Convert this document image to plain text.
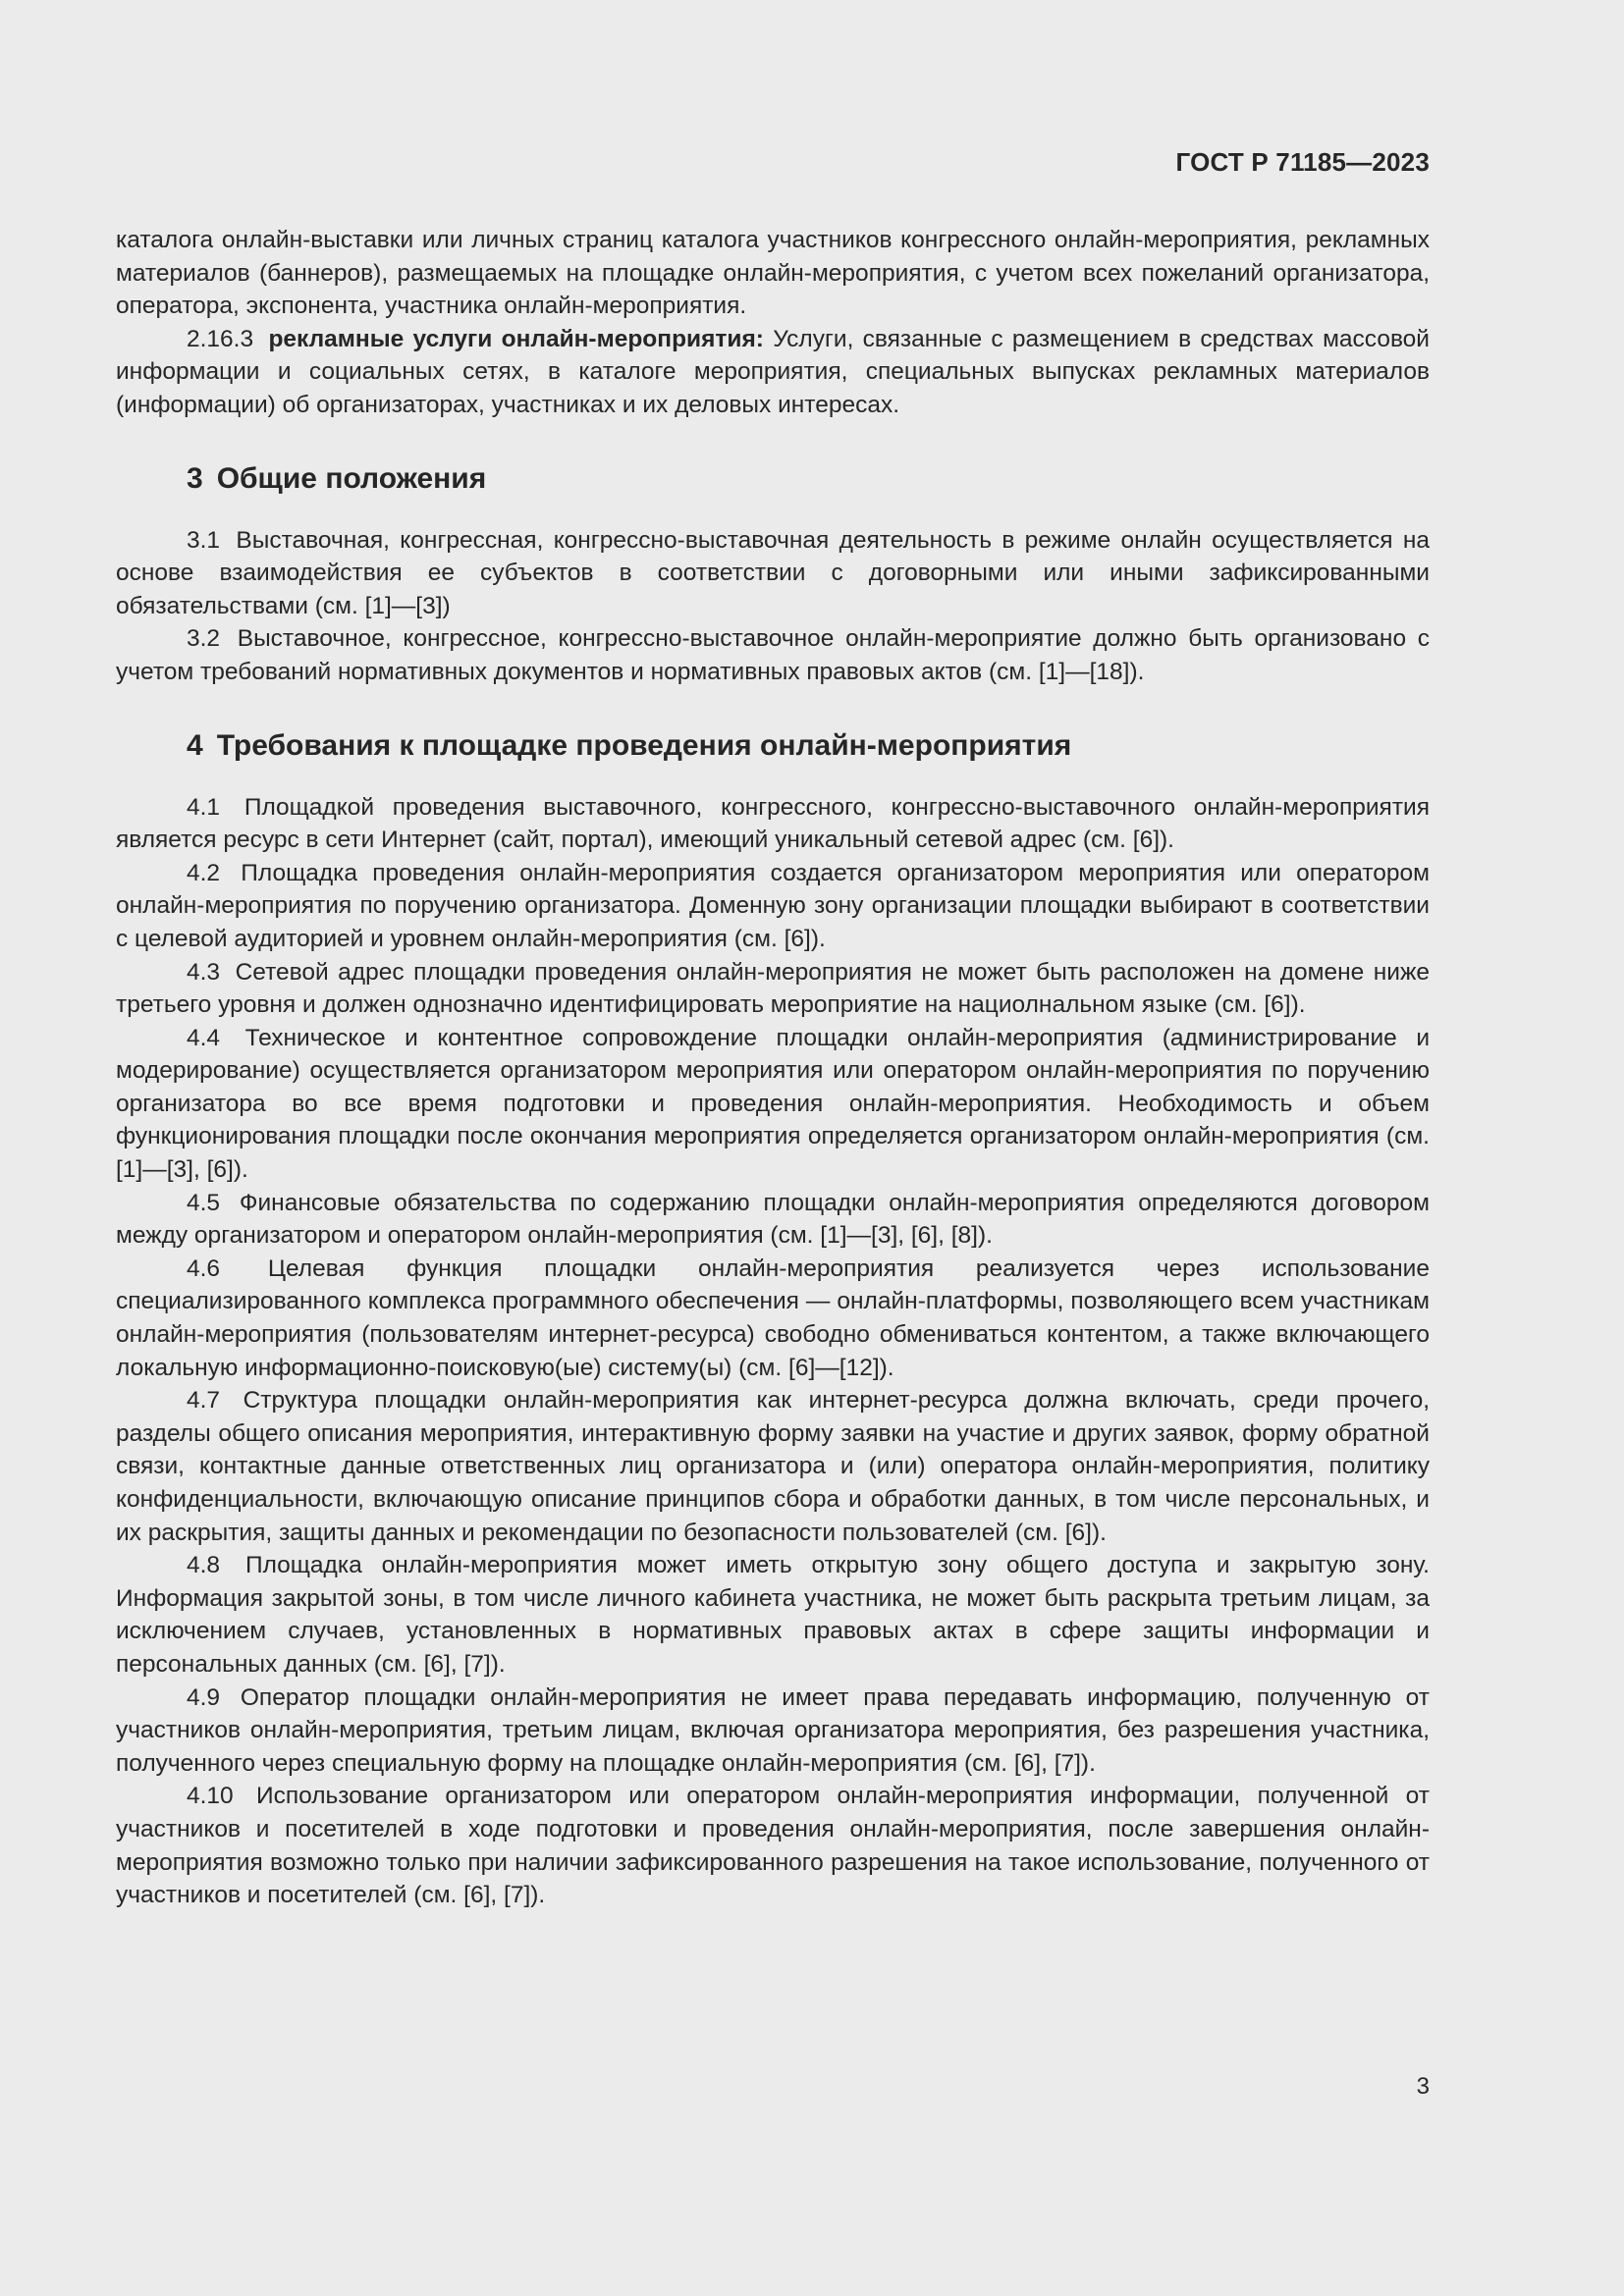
ГОСТ Р 71185—2023

каталога онлайн-выставки или личных страниц каталога участников конгрессного онлайн-мероприятия, рекламных материалов (баннеров), размещаемых на площадке онлайн-мероприятия, с учетом всех пожеланий организатора, оператора, экспонента, участника онлайн-мероприятия.

2.16.3 рекламные услуги онлайн-мероприятия: Услуги, связанные с размещением в средствах массовой информации и социальных сетях, в каталоге мероприятия, специальных выпусках рекламных материалов (информации) об организаторах, участниках и их деловых интересах.

3 Общие положения

3.1 Выставочная, конгрессная, конгрессно-выставочная деятельность в режиме онлайн осуществляется на основе взаимодействия ее субъектов в соответствии с договорными или иными зафиксированными обязательствами (см. [1]—[3])

3.2 Выставочное, конгрессное, конгрессно-выставочное онлайн-мероприятие должно быть организовано с учетом требований нормативных документов и нормативных правовых актов (см. [1]—[18]).

4 Требования к площадке проведения онлайн-мероприятия

4.1 Площадкой проведения выставочного, конгрессного, конгрессно-выставочного онлайн-мероприятия является ресурс в сети Интернет (сайт, портал), имеющий уникальный сетевой адрес (см. [6]).

4.2 Площадка проведения онлайн-мероприятия создается организатором мероприятия или оператором онлайн-мероприятия по поручению организатора. Доменную зону организации площадки выбирают в соответствии с целевой аудиторией и уровнем онлайн-мероприятия (см. [6]).

4.3 Сетевой адрес площадки проведения онлайн-мероприятия не может быть расположен на домене ниже третьего уровня и должен однозначно идентифицировать мероприятие на нациолнальном языке (см. [6]).

4.4 Техническое и контентное сопровождение площадки онлайн-мероприятия (администрирование и модерирование) осуществляется организатором мероприятия или оператором онлайн-мероприятия по поручению организатора во все время подготовки и проведения онлайн-мероприятия. Необходимость и объем функционирования площадки после окончания мероприятия определяется организатором онлайн-мероприятия (см. [1]—[3], [6]).

4.5 Финансовые обязательства по содержанию площадки онлайн-мероприятия определяются договором между организатором и оператором онлайн-мероприятия (см. [1]—[3], [6], [8]).

4.6 Целевая функция площадки онлайн-мероприятия реализуется через использование специализированного комплекса программного обеспечения — онлайн-платформы, позволяющего всем участникам онлайн-мероприятия (пользователям интернет-ресурса) свободно обмениваться контентом, а также включающего локальную информационно-поисковую(ые) систему(ы) (см. [6]—[12]).

4.7 Структура площадки онлайн-мероприятия как интернет-ресурса должна включать, среди прочего, разделы общего описания мероприятия, интерактивную форму заявки на участие и других заявок, форму обратной связи, контактные данные ответственных лиц организатора и (или) оператора онлайн-мероприятия, политику конфиденциальности, включающую описание принципов сбора и обработки данных, в том числе персональных, и их раскрытия, защиты данных и рекомендации по безопасности пользователей (см. [6]).

4.8 Площадка онлайн-мероприятия может иметь открытую зону общего доступа и закрытую зону. Информация закрытой зоны, в том числе личного кабинета участника, не может быть раскрыта третьим лицам, за исключением случаев, установленных в нормативных правовых актах в сфере защиты информации и персональных данных (см. [6], [7]).

4.9 Оператор площадки онлайн-мероприятия не имеет права передавать информацию, полученную от участников онлайн-мероприятия, третьим лицам, включая организатора мероприятия, без разрешения участника, полученного через специальную форму на площадке онлайн-мероприятия (см. [6], [7]).

4.10 Использование организатором или оператором онлайн-мероприятия информации, полученной от участников и посетителей в ходе подготовки и проведения онлайн-мероприятия, после завершения онлайн-мероприятия возможно только при наличии зафиксированного разрешения на такое использование, полученного от участников и посетителей (см. [6], [7]).

3
